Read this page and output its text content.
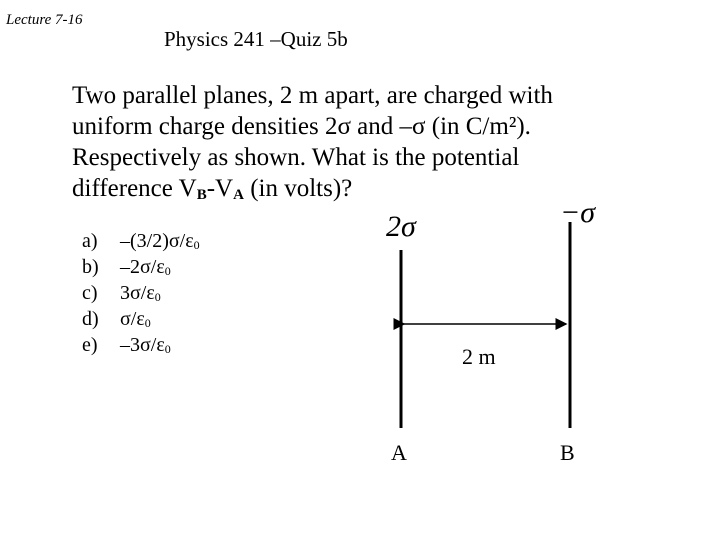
Lecture 7-16
Physics 241 –Quiz 5b
Two parallel planes, 2 m apart, are charged with
uniform charge densities 2σ and –σ (in C/m²).
Respectively as shown. What is the potential
difference $V_B-V_A$ (in volts)?
a)	$-(3/2)\sigma/\varepsilon_0$
b)	$-2\sigma/\varepsilon_0$
c)	$3\sigma/\varepsilon_0$
d)	$\sigma/\varepsilon_0$
e)	$-3\sigma/\varepsilon_0$
2σ	−σ
2 m
A	B
